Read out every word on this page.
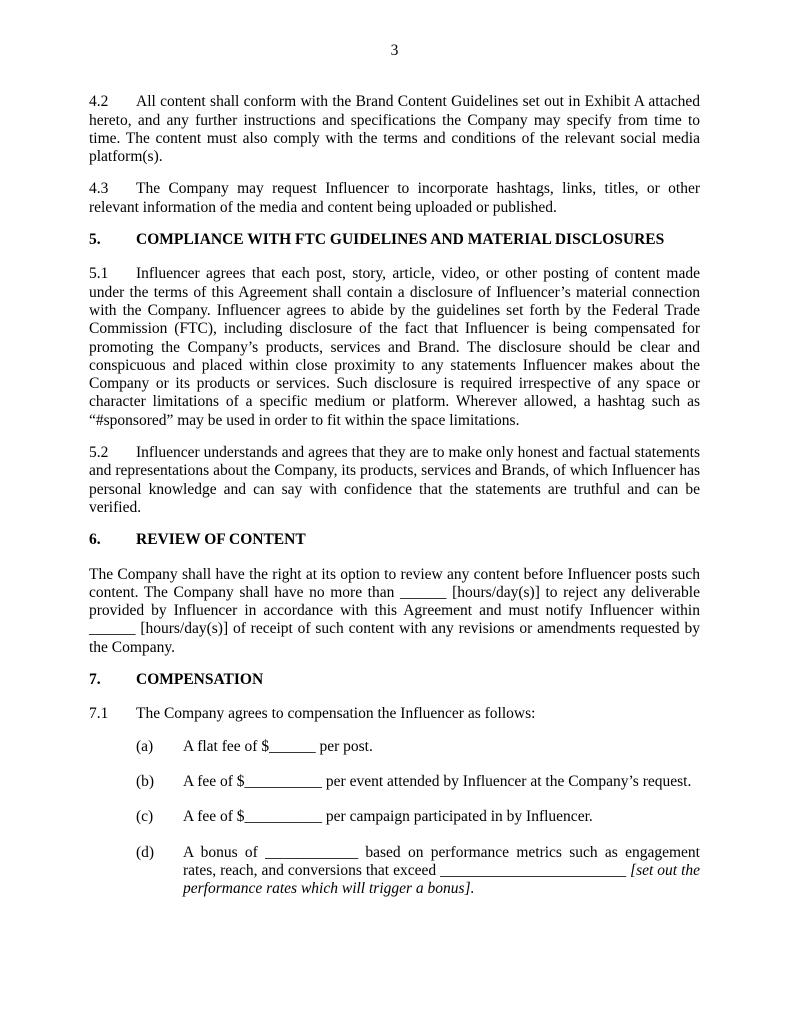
3

4.2 All content shall conform with the Brand Content Guidelines set out in Exhibit A attached hereto, and any further instructions and specifications the Company may specify from time to time. The content must also comply with the terms and conditions of the relevant social media platform(s).

4.3 The Company may request Influencer to incorporate hashtags, links, titles, or other relevant information of the media and content being uploaded or published.

5. COMPLIANCE WITH FTC GUIDELINES AND MATERIAL DISCLOSURES

5.1 Influencer agrees that each post, story, article, video, or other posting of content made under the terms of this Agreement shall contain a disclosure of Influencer’s material connection with the Company. Influencer agrees to abide by the guidelines set forth by the Federal Trade Commission (FTC), including disclosure of the fact that Influencer is being compensated for promoting the Company’s products, services and Brand. The disclosure should be clear and conspicuous and placed within close proximity to any statements Influencer makes about the Company or its products or services. Such disclosure is required irrespective of any space or character limitations of a specific medium or platform. Wherever allowed, a hashtag such as “#sponsored” may be used in order to fit within the space limitations.

5.2 Influencer understands and agrees that they are to make only honest and factual statements and representations about the Company, its products, services and Brands, of which Influencer has personal knowledge and can say with confidence that the statements are truthful and can be verified.

6. REVIEW OF CONTENT

The Company shall have the right at its option to review any content before Influencer posts such content. The Company shall have no more than ______ [hours/day(s)] to reject any deliverable provided by Influencer in accordance with this Agreement and must notify Influencer within ______ [hours/day(s)] of receipt of such content with any revisions or amendments requested by the Company.

7. COMPENSATION

7.1 The Company agrees to compensation the Influencer as follows:

(a)	A flat fee of $______ per post.
(b)	A fee of $__________ per event attended by Influencer at the Company’s request.
(c)	A fee of $__________ per campaign participated in by Influencer.
(d)	A bonus of ____________ based on performance metrics such as engagement rates, reach, and conversions that exceed ________________________ [set out the performance rates which will trigger a bonus].
